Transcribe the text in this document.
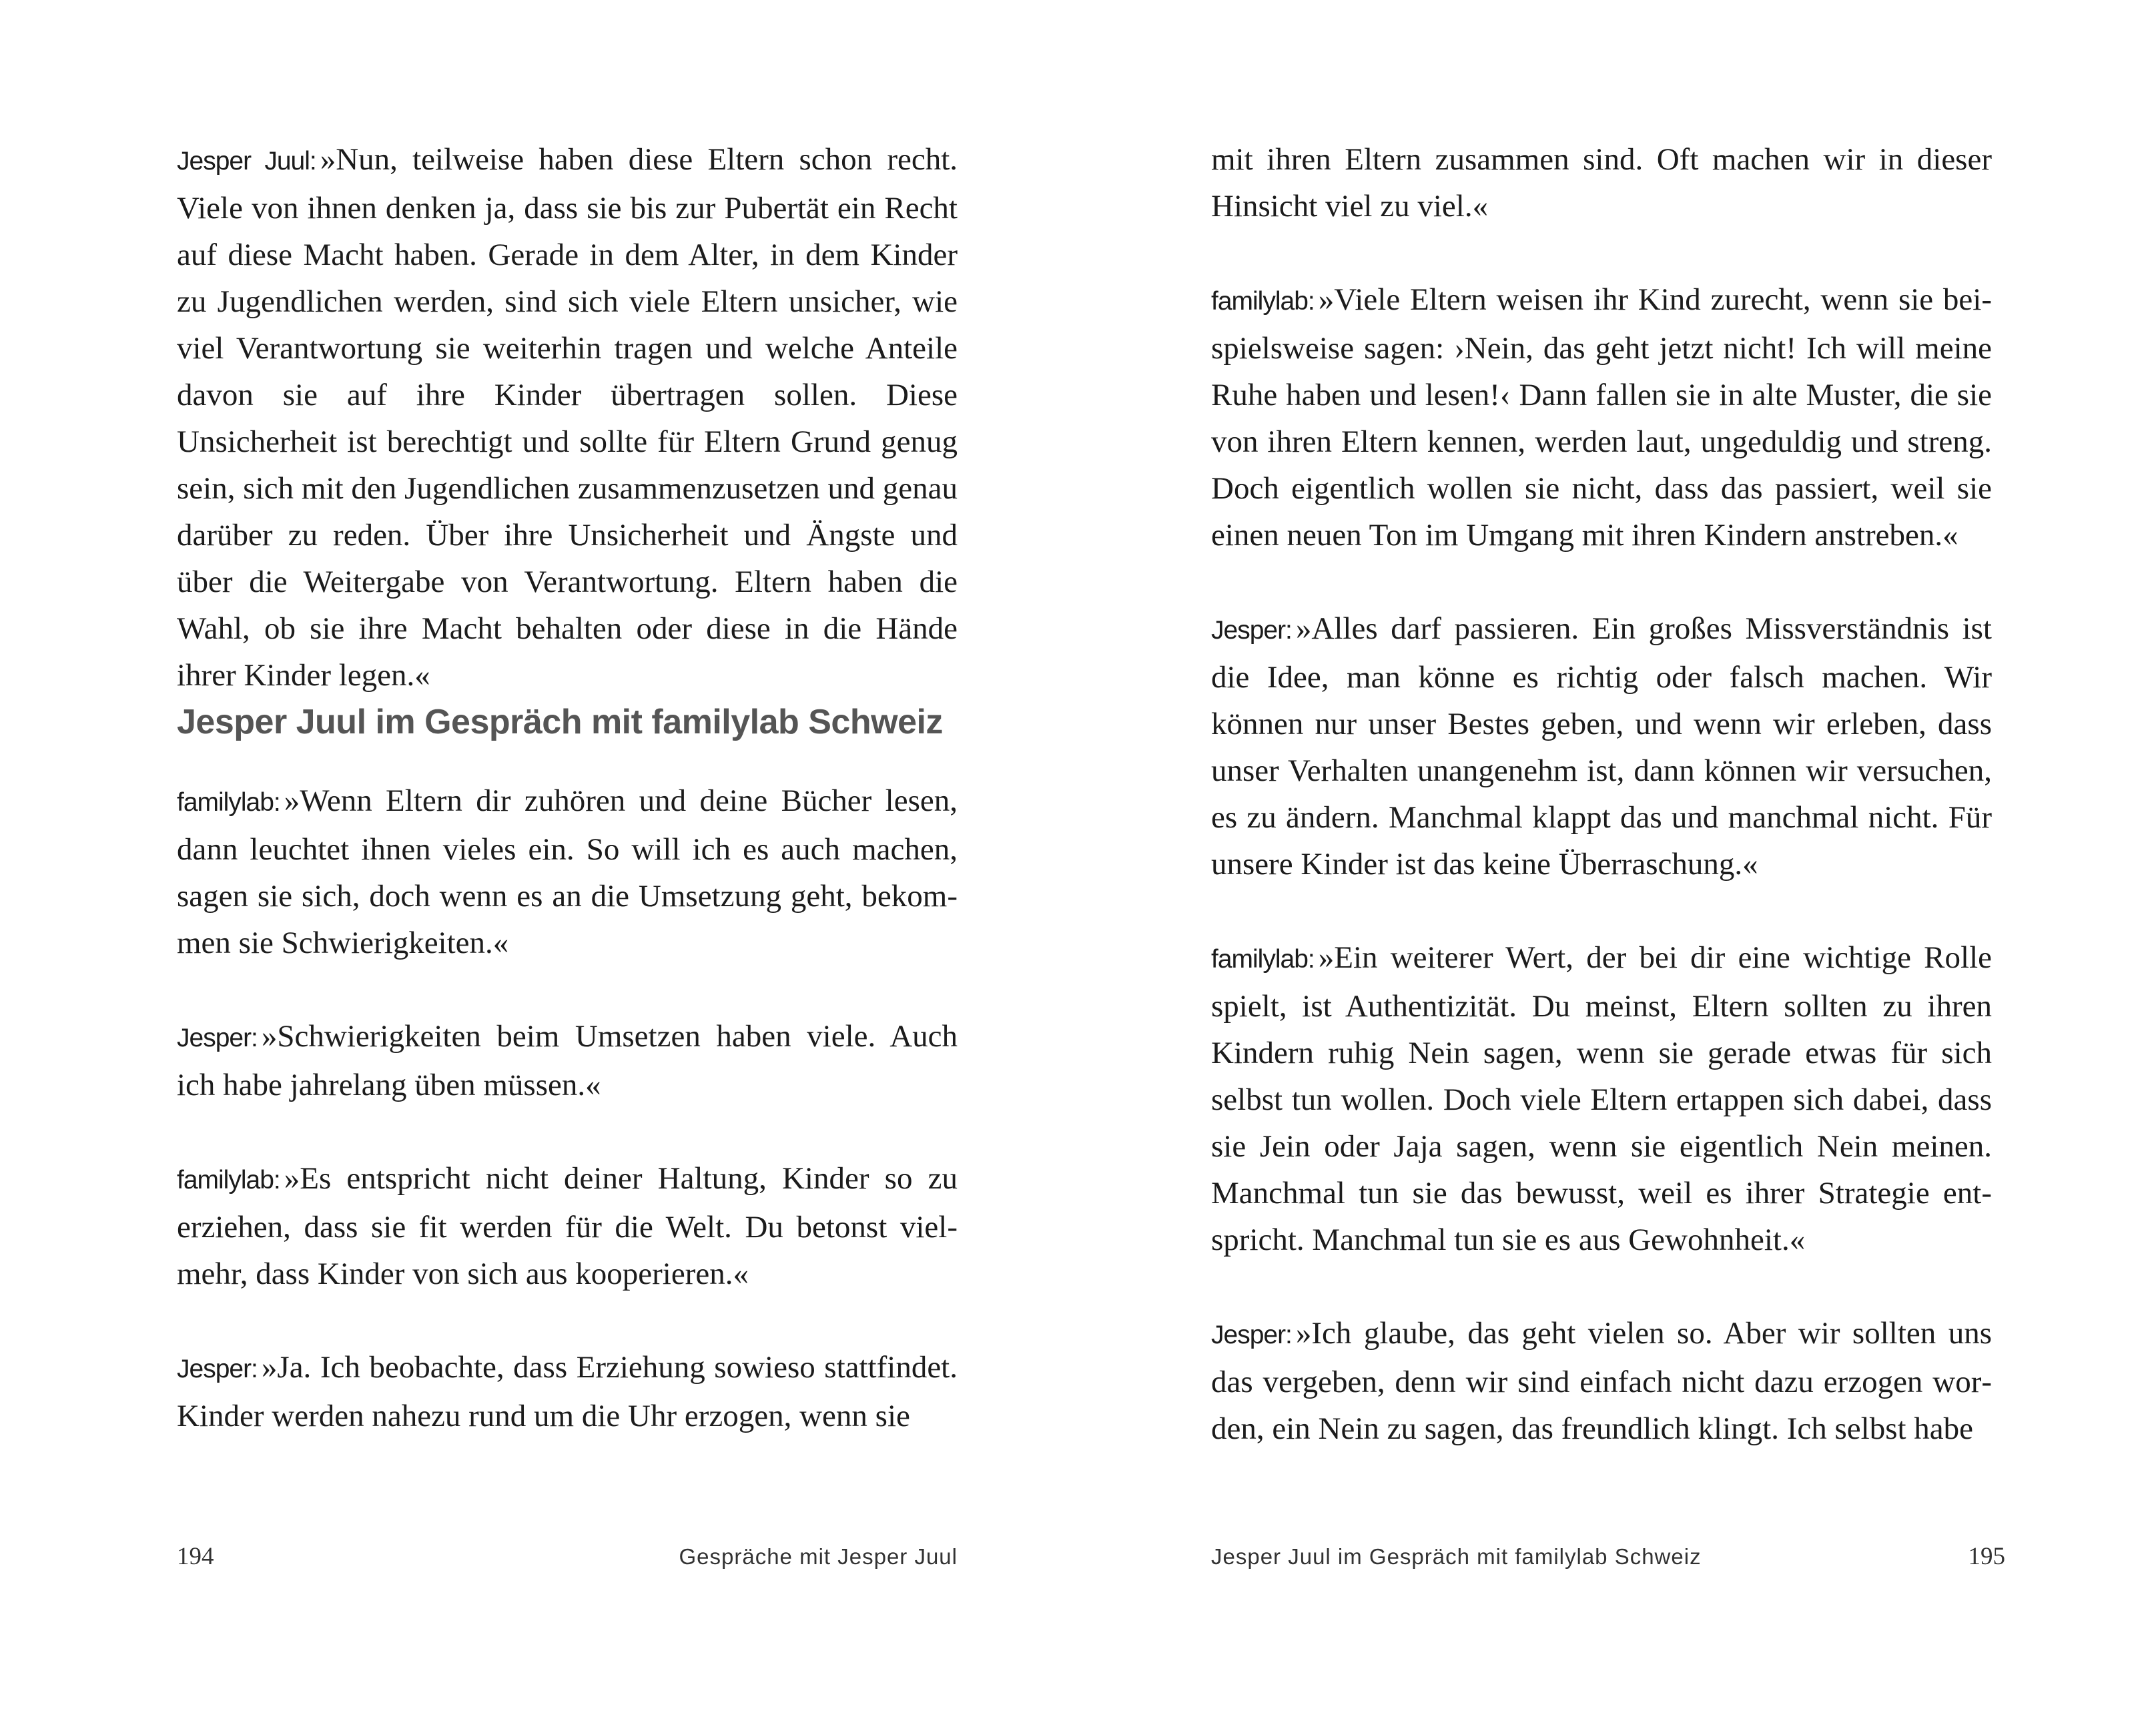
Jesper Juul: »Nun, teilweise haben diese Eltern schon recht. Viele von ihnen denken ja, dass sie bis zur Pubertät ein Recht auf diese Macht haben. Gerade in dem Alter, in dem Kinder zu Jugendlichen werden, sind sich viele Eltern unsicher, wie viel Verantwortung sie weiterhin tragen und welche Anteile davon sie auf ihre Kinder übertragen sollen. Diese Unsicherheit ist berechtigt und sollte für Eltern Grund genug sein, sich mit den Jugendlichen zusammenzusetzen und genau darüber zu reden. Über ihre Unsicherheit und Ängste und über die Weitergabe von Verantwortung. Eltern haben die Wahl, ob sie ihre Macht behalten oder diese in die Hände ihrer Kinder legen.«

Jesper Juul im Gespräch mit familylab Schweiz

familylab: »Wenn Eltern dir zuhören und deine Bücher lesen, dann leuchtet ihnen vieles ein. So will ich es auch machen, sagen sie sich, doch wenn es an die Umsetzung geht, bekommen sie Schwierigkeiten.«

Jesper: »Schwierigkeiten beim Umsetzen haben viele. Auch ich habe jahrelang üben müssen.«

familylab: »Es entspricht nicht deiner Haltung, Kinder so zu erziehen, dass sie fit werden für die Welt. Du betonst vielmehr, dass Kinder von sich aus kooperieren.«

Jesper: »Ja. Ich beobachte, dass Erziehung sowieso stattfindet. Kinder werden nahezu rund um die Uhr erzogen, wenn sie

194	Gespräche mit Jesper Juul

mit ihren Eltern zusammen sind. Oft machen wir in dieser Hinsicht viel zu viel.«

familylab: »Viele Eltern weisen ihr Kind zurecht, wenn sie beispielsweise sagen: ›Nein, das geht jetzt nicht! Ich will meine Ruhe haben und lesen!‹ Dann fallen sie in alte Muster, die sie von ihren Eltern kennen, werden laut, ungeduldig und streng. Doch eigentlich wollen sie nicht, dass das passiert, weil sie einen neuen Ton im Umgang mit ihren Kindern anstreben.«

Jesper: »Alles darf passieren. Ein großes Missverständnis ist die Idee, man könne es richtig oder falsch machen. Wir können nur unser Bestes geben, und wenn wir erleben, dass unser Verhalten unangenehm ist, dann können wir versuchen, es zu ändern. Manchmal klappt das und manchmal nicht. Für unsere Kinder ist das keine Überraschung.«

familylab: »Ein weiterer Wert, der bei dir eine wichtige Rolle spielt, ist Authentizität. Du meinst, Eltern sollten zu ihren Kindern ruhig Nein sagen, wenn sie gerade etwas für sich selbst tun wollen. Doch viele Eltern ertappen sich dabei, dass sie Jein oder Jaja sagen, wenn sie eigentlich Nein meinen. Manchmal tun sie das bewusst, weil es ihrer Strategie entspricht. Manchmal tun sie es aus Gewohnheit.«

Jesper: »Ich glaube, das geht vielen so. Aber wir sollten uns das vergeben, denn wir sind einfach nicht dazu erzogen worden, ein Nein zu sagen, das freundlich klingt. Ich selbst habe

Jesper Juul im Gespräch mit familylab Schweiz	195
